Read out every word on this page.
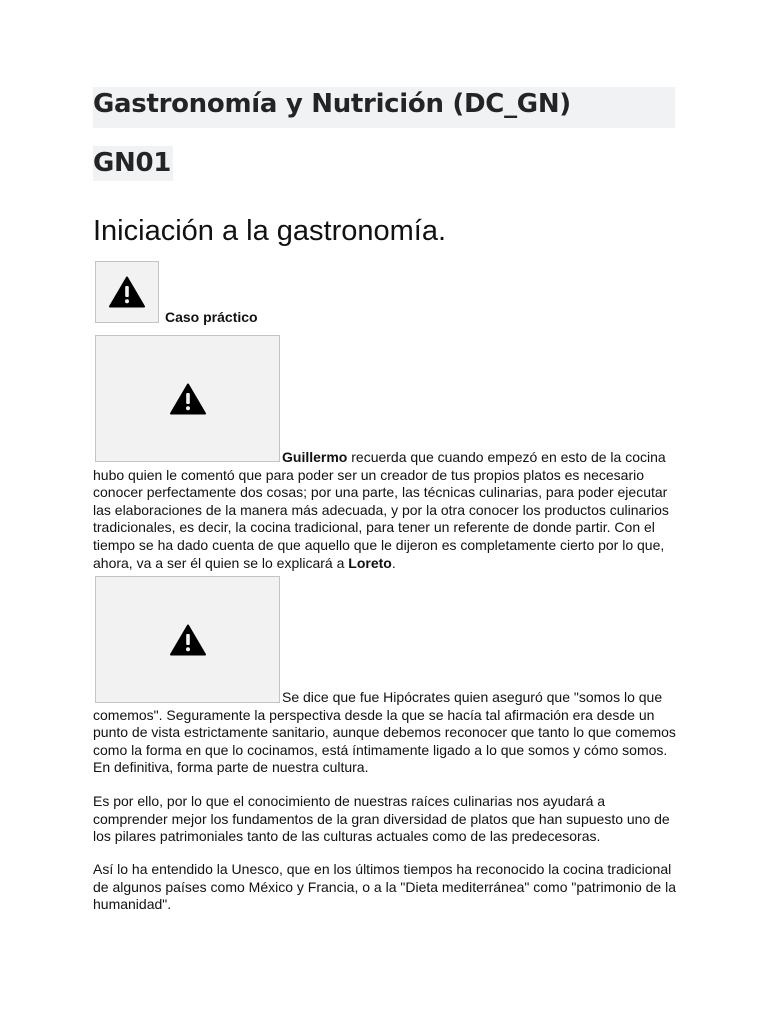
Gastronomía y Nutrición (DC_GN)
GN01
Iniciación a la gastronomía.
Caso práctico

Guillermo recuerda que cuando empezó en esto de la cocina hubo quien le comentó que para poder ser un creador de tus propios platos es necesario conocer perfectamente dos cosas; por una parte, las técnicas culinarias, para poder ejecutar las elaboraciones de la manera más adecuada, y por la otra conocer los productos culinarios tradicionales, es decir, la cocina tradicional, para tener un referente de donde partir. Con el tiempo se ha dado cuenta de que aquello que le dijeron es completamente cierto por lo que, ahora, va a ser él quien se lo explicará a Loreto.

Se dice que fue Hipócrates quien aseguró que "somos lo que comemos". Seguramente la perspectiva desde la que se hacía tal afirmación era desde un punto de vista estrictamente sanitario, aunque debemos reconocer que tanto lo que comemos como la forma en que lo cocinamos, está íntimamente ligado a lo que somos y cómo somos. En definitiva, forma parte de nuestra cultura.

Es por ello, por lo que el conocimiento de nuestras raíces culinarias nos ayudará a comprender mejor los fundamentos de la gran diversidad de platos que han supuesto uno de los pilares patrimoniales tanto de las culturas actuales como de las predecesoras.

Así lo ha entendido la Unesco, que en los últimos tiempos ha reconocido la cocina tradicional de algunos países como México y Francia, o a la "Dieta mediterránea" como "patrimonio de la humanidad".
